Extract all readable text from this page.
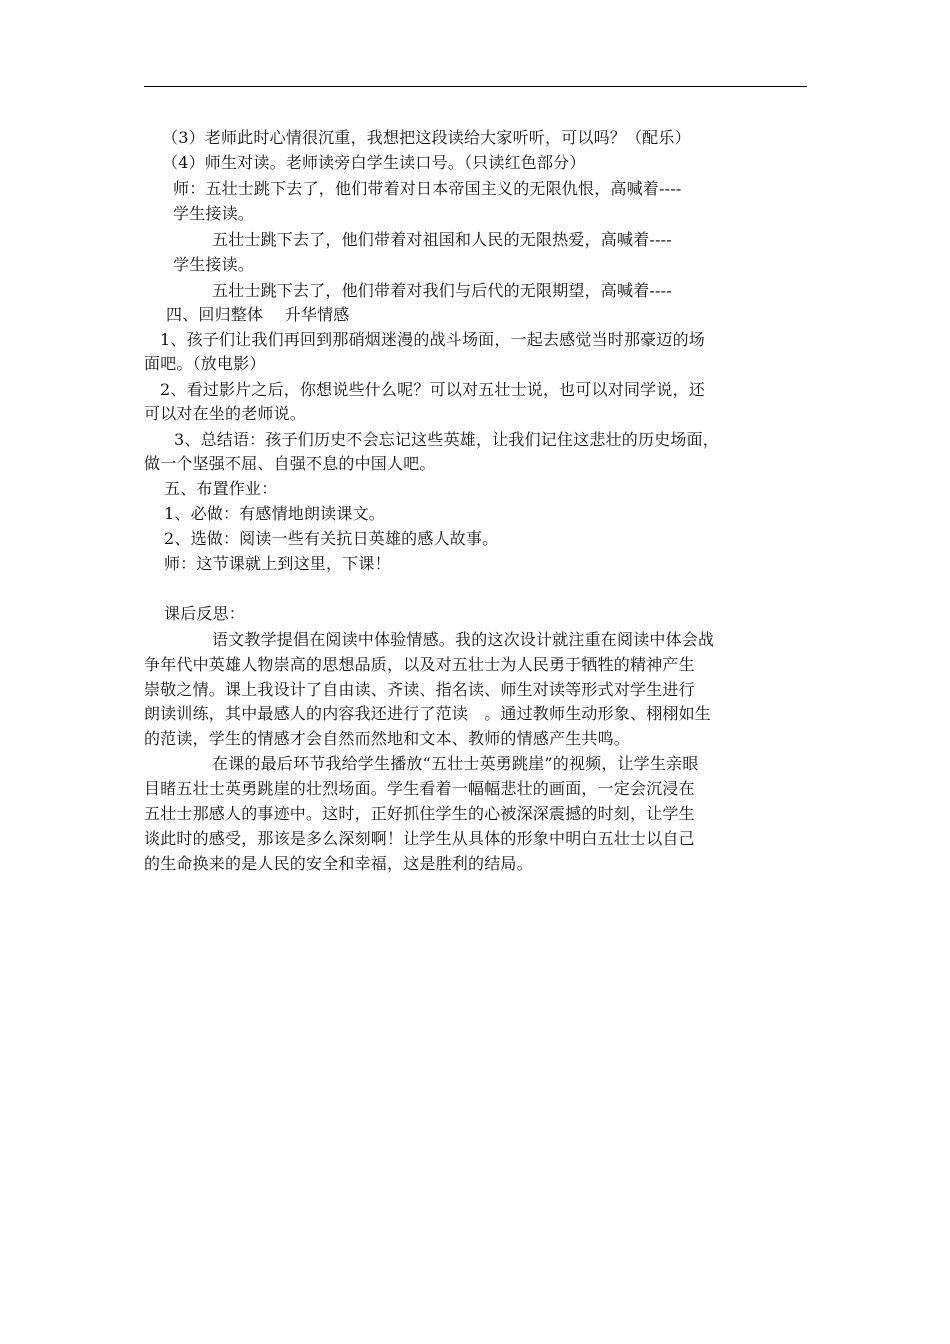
（3）老师此时心情很沉重，我想把这段读给大家听听，可以吗？（配乐）
（4）师生对读。老师读旁白学生读口号。（只读红色部分）
师：五壮士跳下去了，他们带着对日本帝国主义的无限仇恨，高喊着----
学生接读。
五壮士跳下去了，他们带着对祖国和人民的无限热爱，高喊着----
学生接读。
五壮士跳下去了，他们带着对我们与后代的无限期望，高喊着----
四、回归整体　 升华情感
1、孩子们让我们再回到那硝烟迷漫的战斗场面，一起去感觉当时那豪迈的场
面吧。（放电影）
2、看过影片之后，你想说些什么呢？可以对五壮士说，也可以对同学说，还
可以对在坐的老师说。
3、总结语：孩子们历史不会忘记这些英雄，让我们记住这悲壮的历史场面，
做一个坚强不屈、自强不息的中国人吧。
五、布置作业：
1、必做：有感情地朗读课文。
2、选做：阅读一些有关抗日英雄的感人故事。
师：这节课就上到这里，下课！
课后反思：
语文教学提倡在阅读中体验情感。我的这次设计就注重在阅读中体会战
争年代中英雄人物崇高的思想品质，以及对五壮士为人民勇于牺牲的精神产生
崇敬之情。课上我设计了自由读、齐读、指名读、师生对读等形式对学生进行
朗读训练，其中最感人的内容我还进行了范读　。通过教师生动形象、栩栩如生
的范读，学生的情感才会自然而然地和文本、教师的情感产生共鸣。
在课的最后环节我给学生播放“五壮士英勇跳崖”的视频，让学生亲眼
目睹五壮士英勇跳崖的壮烈场面。学生看着一幅幅悲壮的画面，一定会沉浸在
五壮士那感人的事迹中。这时，正好抓住学生的心被深深震撼的时刻，让学生
谈此时的感受，那该是多么深刻啊！让学生从具体的形象中明白五壮士以自己
的生命换来的是人民的安全和幸福，这是胜利的结局。
